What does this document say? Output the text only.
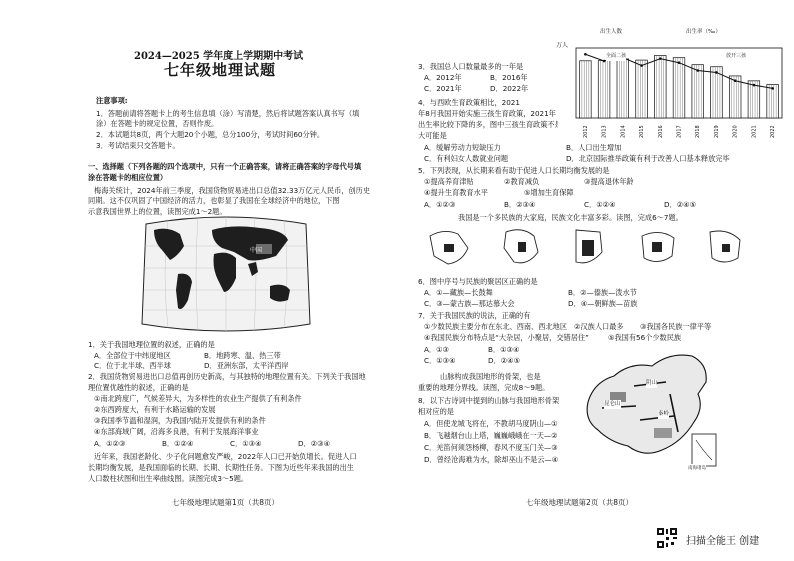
2024—2025 学年度上学期期中考试
七年级地理试题
注意事项:
1．答题前请将答题卡上的考生信息填（涂）写清楚，然后将试题答案认真书写（填
涂）在答题卡的规定位置，否则作废。
2．本试题共8页，两个大题20个小题，总分100分，考试时间60分钟。
3．考试结束只交答题卡。
一、选择题（下列各题的四个选项中，只有一个正确答案，请将正确答案的字母代号填
涂在答题卡的相应位置）
梅海关统计，2024年前三季度，我国货物贸易进出口总值32.33万亿元人民币，创历史
同期。这不仅巩固了中国经济的活力，也彰显了我国在全球经济中的地位，下图
示意我国世界上的位置，读图完成1～2题。
中国
1．关于我国地理位置的叙述，正确的是
A．全部位于中纬度地区	B．地跨寒、温、热三带
C．位于北半球、西半球	D．亚洲东部，太平洋西岸
2．我国货物贸易进出口总值再创历史新高，与其独特的地理位置有关。下列关于我国地
理位置优越性的叙述，正确的是
①南北跨度广，气候差异大，为多样性的农业生产提供了有利条件
②东西跨度大，有利于水路运输的发展
③我国季节温和湿润，为我国内陆开发提供有利的条件
④东部海域广阔，沿海多良港，有利于发展海洋事业
A．①②③	B．①②④	C．①③④	D．②③④
近年来，我国老龄化、少子化问题愈发严峻，2022年人口已开始负增长。促进人口
长期均衡发展，是我国面临的长期、长期、长期性任务。下图为近些年来我国的出生
人口数柱状图和出生率曲线图。读图完成3～5题。
七年级地理试题第1页（共8页）
3．我国总人口数量最多的一年是
A．2012年	B．2016年
C．2021年	D．2022年
4．与西欧生育政策相比，2021
年8月我国开始实施三孩生育政策，2021年
出生率比较下降的多，图中三孩生育政策不是我国
大可能是
A．缓解劳动力短缺压力	B．人口出生增加
C．有利妇女人数就业问题	D．北京国际推举政策有利于改善人口基本释放完毕
2012	2013	2014	2015	2016	2017	2018	2019	2020	2021	2022
万人
出生人数	出生率（‰）
全面二孩	放开三孩
5．下列表现，从长期来看有助于促进人口长期均衡发展的是
①提高养育津贴	②教育减负	③提高退休年龄
④提升生育教育水平	⑤增加生育保障
A．①②③	B．②③④	C．①②④	D．②④⑤
我国是一个多民族的大家庭，民族文化丰富多彩。读图，完成6～7题。
6．图中序号与民族的聚居区正确的是
A．①—藏族—长鼓舞	B．②—傣族—泼水节
C．③—蒙古族—那达慕大会	D．④—朝鲜族—苗族
7．关于我国民族的说法，正确的有
①少数民族主要分布在东北、西南、西北地区 ②汉族人口最多 ③我国各民族一律平等
④我国民族分布特点是“大杂居，小聚居，交错居住”	⑤我国有56个少数民族
A．①③	B．①③④
C．①③④	D．②④⑤
山脉构成我国地形的骨架，也是
重要的地理分界线。读图，完成8～9题。
8．以下古诗词中提到的山脉与我国地形骨架
相对应的是
A．但使龙城飞将在，不教胡马度阴山—①
B．飞越烟台山上塔，巍巍峨峨在一天—②
C．羌笛何须怨杨柳，春风不度玉门关—③
D．曾经沧海难为水，除却巫山不是云—④
阴山
昆仑山
秦岭
南海诸岛
七年级地理试题第2页（共8页）
扫描全能王 创建
